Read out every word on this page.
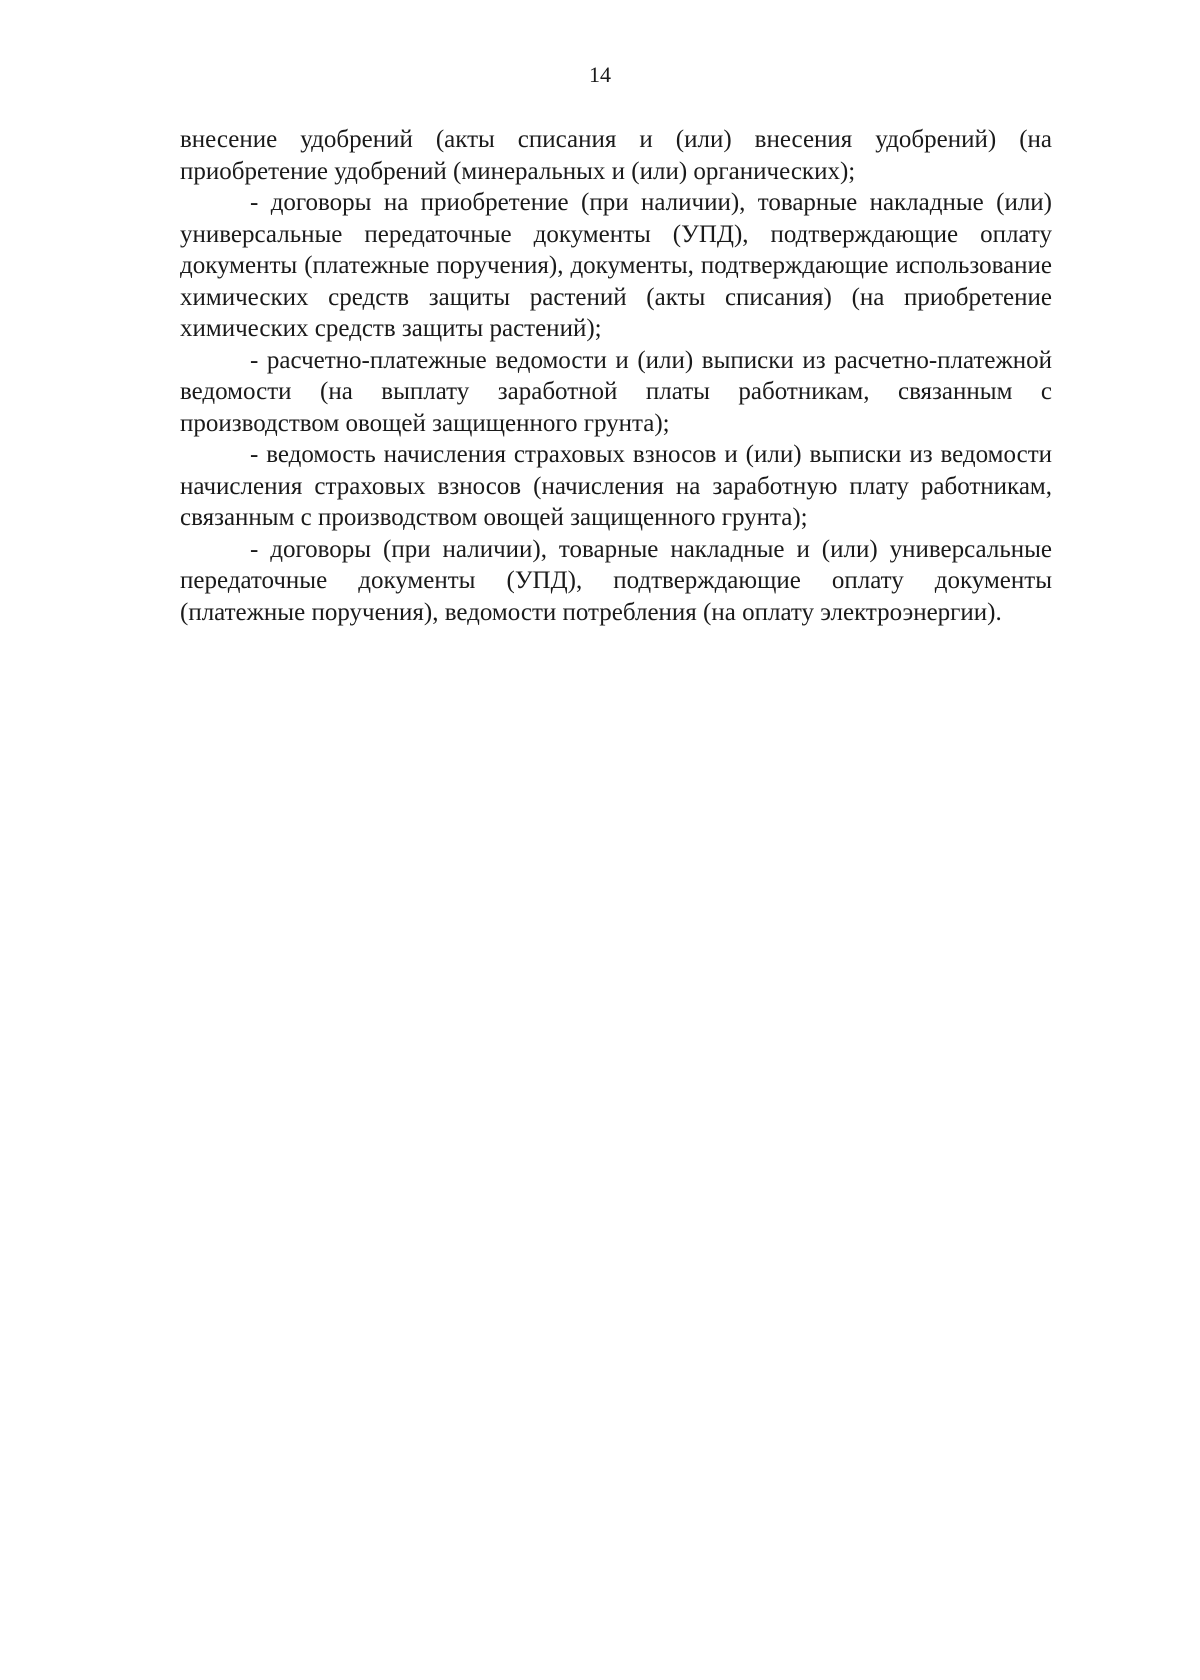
14

внесение удобрений (акты списания и (или) внесения удобрений) (на приобретение удобрений (минеральных и (или) органических);

- договоры на приобретение (при наличии), товарные накладные (или) универсальные передаточные документы (УПД), подтверждающие оплату документы (платежные поручения), документы, подтверждающие использование химических средств защиты растений (акты списания) (на приобретение химических средств защиты растений);

- расчетно-платежные ведомости и (или) выписки из расчетно-платежной ведомости (на выплату заработной платы работникам, связанным с производством овощей защищенного грунта);

- ведомость начисления страховых взносов и (или) выписки из ведомости начисления страховых взносов (начисления на заработную плату работникам, связанным с производством овощей защищенного грунта);

- договоры (при наличии), товарные накладные и (или) универсальные передаточные документы (УПД), подтверждающие оплату документы (платежные поручения), ведомости потребления (на оплату электроэнергии).
